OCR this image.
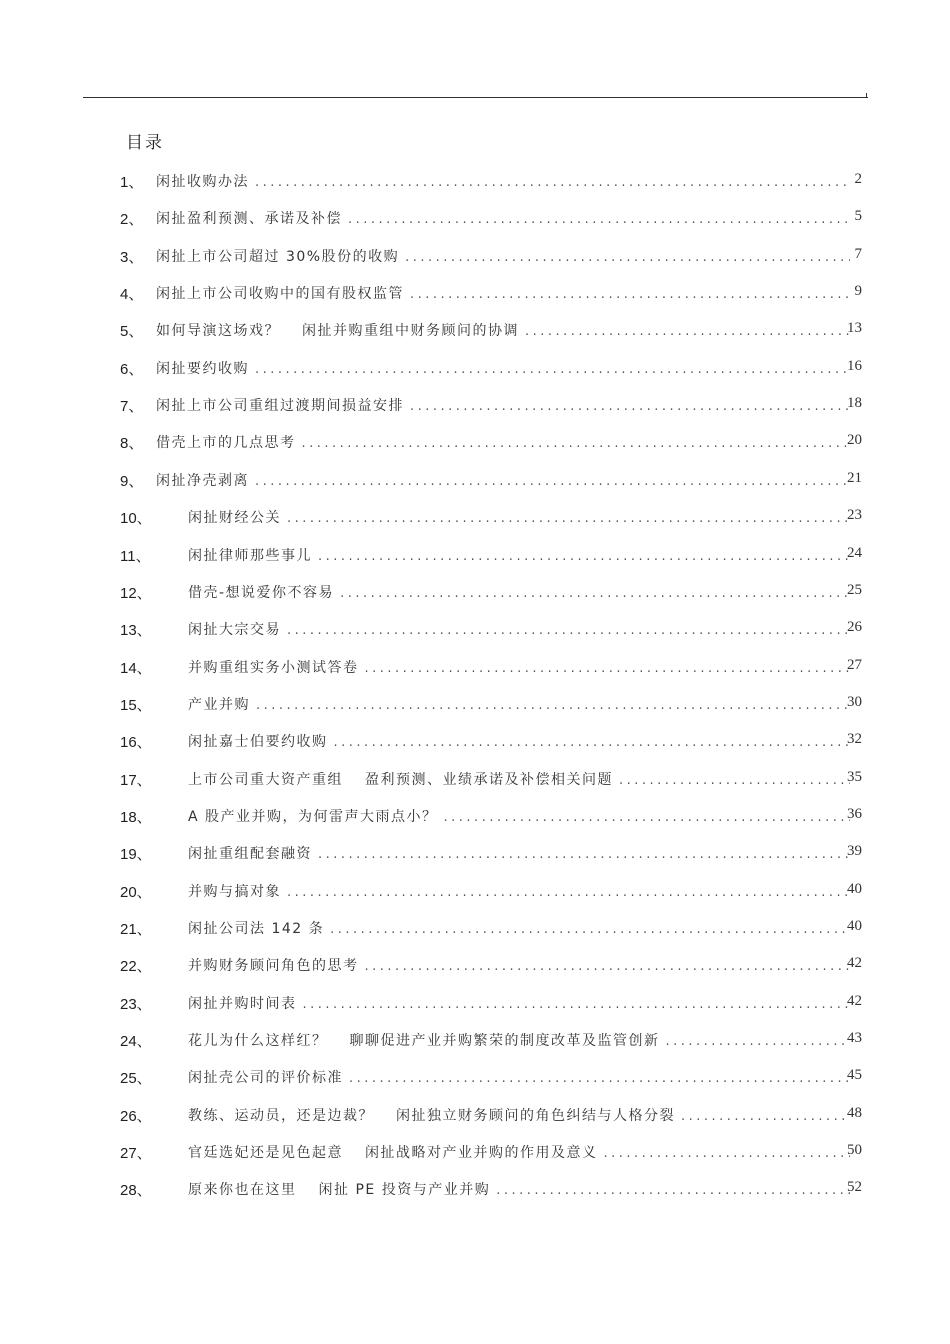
目录
1、 闲扯收购办法 .....	2
2、 闲扯盈利预测、承诺及补偿 .....	5
3、 闲扯上市公司超过 30%股份的收购 .....	7
4、 闲扯上市公司收购中的国有股权监管 .....	9
5、 如何导演这场戏？ 闲扯并购重组中财务顾问的协调 .....	13
6、 闲扯要约收购 .....	16
7、 闲扯上市公司重组过渡期间损益安排 .....	18
8、 借壳上市的几点思考 .....	20
9、 闲扯净壳剥离 .....	21
10、	闲扯财经公关 .....	23
11、	闲扯律师那些事儿 .....	24
12、	借壳-想说爱你不容易 .....	25
13、	闲扯大宗交易 .....	26
14、	并购重组实务小测试答卷 .....	27
15、	产业并购 .....	30
16、	闲扯嘉士伯要约收购 .....	32
17、	上市公司重大资产重组 盈利预测、业绩承诺及补偿相关问题 .....	35
18、	A 股产业并购，为何雷声大雨点小？ .....	36
19、	闲扯重组配套融资 .....	39
20、	并购与搞对象 .....	40
21、	闲扯公司法 142 条 .....	40
22、	并购财务顾问角色的思考 .....	42
23、	闲扯并购时间表 .....	42
24、	花儿为什么这样红？ 聊聊促进产业并购繁荣的制度改革及监管创新 .....	43
25、	闲扯壳公司的评价标准 .....	45
26、	教练、运动员，还是边裁？ 闲扯独立财务顾问的角色纠结与人格分裂 .....	48
27、	官廷选妃还是见色起意 闲扯战略对产业并购的作用及意义 .....	50
28、	原来你也在这里 闲扯 PE 投资与产业并购 .....	52
